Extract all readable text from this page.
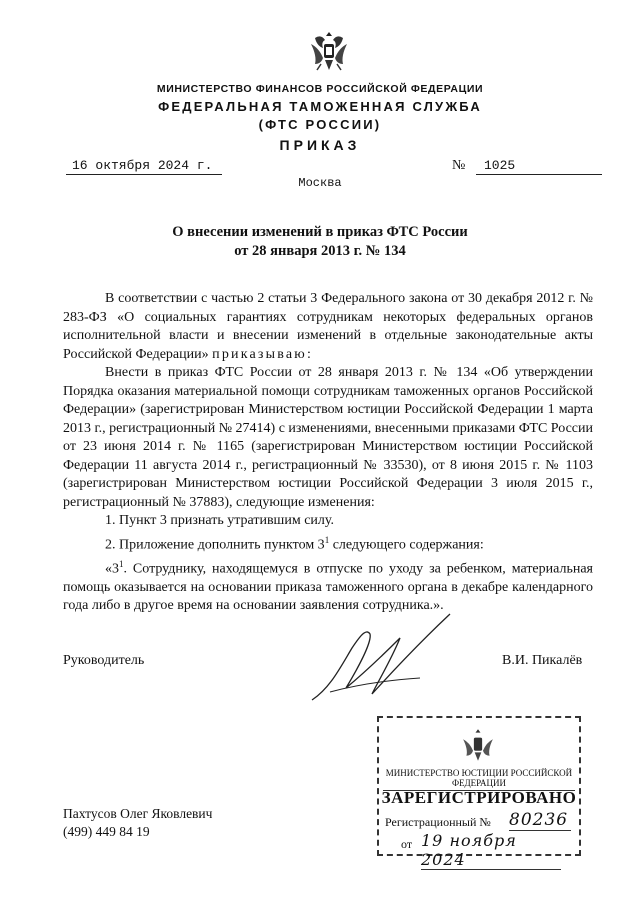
МИНИСТЕРСТВО ФИНАНСОВ РОССИЙСКОЙ ФЕДЕРАЦИИ
ФЕДЕРАЛЬНАЯ ТАМОЖЕННАЯ СЛУЖБА
(ФТС РОССИИ)
ПРИКАЗ
16 октября 2024 г.	№	1025
Москва
О внесении изменений в приказ ФТС России
от 28 января 2013 г. № 134

В соответствии с частью 2 статьи 3 Федерального закона от 30 декабря 2012 г. № 283-ФЗ «О социальных гарантиях сотрудникам некоторых федеральных органов исполнительной власти и внесении изменений в отдельные законодательные акты Российской Федерации» приказываю:

Внести в приказ ФТС России от 28 января 2013 г. № 134 «Об утверждении Порядка оказания материальной помощи сотрудникам таможенных органов Российской Федерации» (зарегистрирован Министерством юстиции Российской Федерации 1 марта 2013 г., регистрационный № 27414) с изменениями, внесенными приказами ФТС России от 23 июня 2014 г. № 1165 (зарегистрирован Министерством юстиции Российской Федерации 11 августа 2014 г., регистрационный № 33530), от 8 июня 2015 г. № 1103 (зарегистрирован Министерством юстиции Российской Федерации 3 июля 2015 г., регистрационный № 37883), следующие изменения:

1. Пункт 3 признать утратившим силу.

2. Приложение дополнить пунктом $3^1$ следующего содержания:

«$3^1$. Сотруднику, находящемуся в отпуске по уходу за ребенком, материальная помощь оказывается на основании приказа таможенного органа в декабре календарного года либо в другое время на основании заявления сотрудника.».

Руководитель	В.И. Пикалёв
Пахтусов Олег Яковлевич
(499) 449 84 19
МИНИСТЕРСТВО ЮСТИЦИИ РОССИЙСКОЙ ФЕДЕРАЦИИ
ЗАРЕГИСТРИРОВАНО
Регистрационный № 80236
от 19 ноября 2024
